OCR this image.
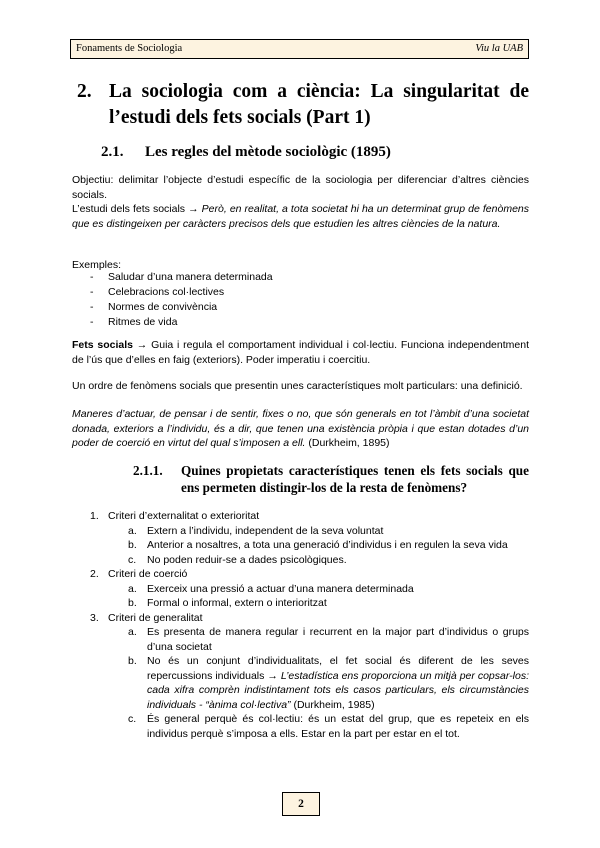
Fonaments de Sociologia	Viu la UAB
2. La sociologia com a ciència: La singularitat de l’estudi dels fets socials (Part 1)
2.1. Les regles del mètode sociològic (1895)
Objectiu: delimitar l’objecte d’estudi específic de la sociologia per diferenciar d’altres ciències socials.
L’estudi dels fets socials → Però, en realitat, a tota societat hi ha un determinat grup de fenòmens que es distingeixen per caràcters precisos dels que estudien les altres ciències de la natura.
Exemples:
- Saludar d’una manera determinada
- Celebracions col·lectives
- Normes de convivència
- Ritmes de vida
Fets socials → Guia i regula el comportament individual i col·lectiu. Funciona independentment de l’ús que d’elles en faig (exteriors). Poder imperatiu i coercitiu.
Un ordre de fenòmens socials que presentin unes característiques molt particulars: una definició.
Maneres d’actuar, de pensar i de sentir, fixes o no, que són generals en tot l’àmbit d’una societat donada, exteriors a l’individu, és a dir, que tenen una existència pròpia i que estan dotades d’un poder de coerció en virtut del qual s’imposen a ell. (Durkheim, 1895)
2.1.1. Quines propietats característiques tenen els fets socials que ens permeten distingir-los de la resta de fenòmens?
1. Criteri d’externalitat o exterioritat
a. Extern a l’individu, independent de la seva voluntat
b. Anterior a nosaltres, a tota una generació d’individus i en regulen la seva vida
c. No poden reduir-se a dades psicològiques.
2. Criteri de coerció
a. Exerceix una pressió a actuar d’una manera determinada
b. Formal o informal, extern o interioritzat
3. Criteri de generalitat
a. Es presenta de manera regular i recurrent en la major part d’individus o grups d’una societat
b. No és un conjunt d’individualitats, el fet social és diferent de les seves repercussions individuals → L’estadística ens proporciona un mitjà per copsar-los: cada xifra comprèn indistintament tots els casos particulars, els circumstàncies individuals - “ànima col·lectiva” (Durkheim, 1985)
c. És general perquè és col·lectiu: és un estat del grup, que es repeteix en els individus perquè s’imposa a ells. Estar en la part per estar en el tot.
2
